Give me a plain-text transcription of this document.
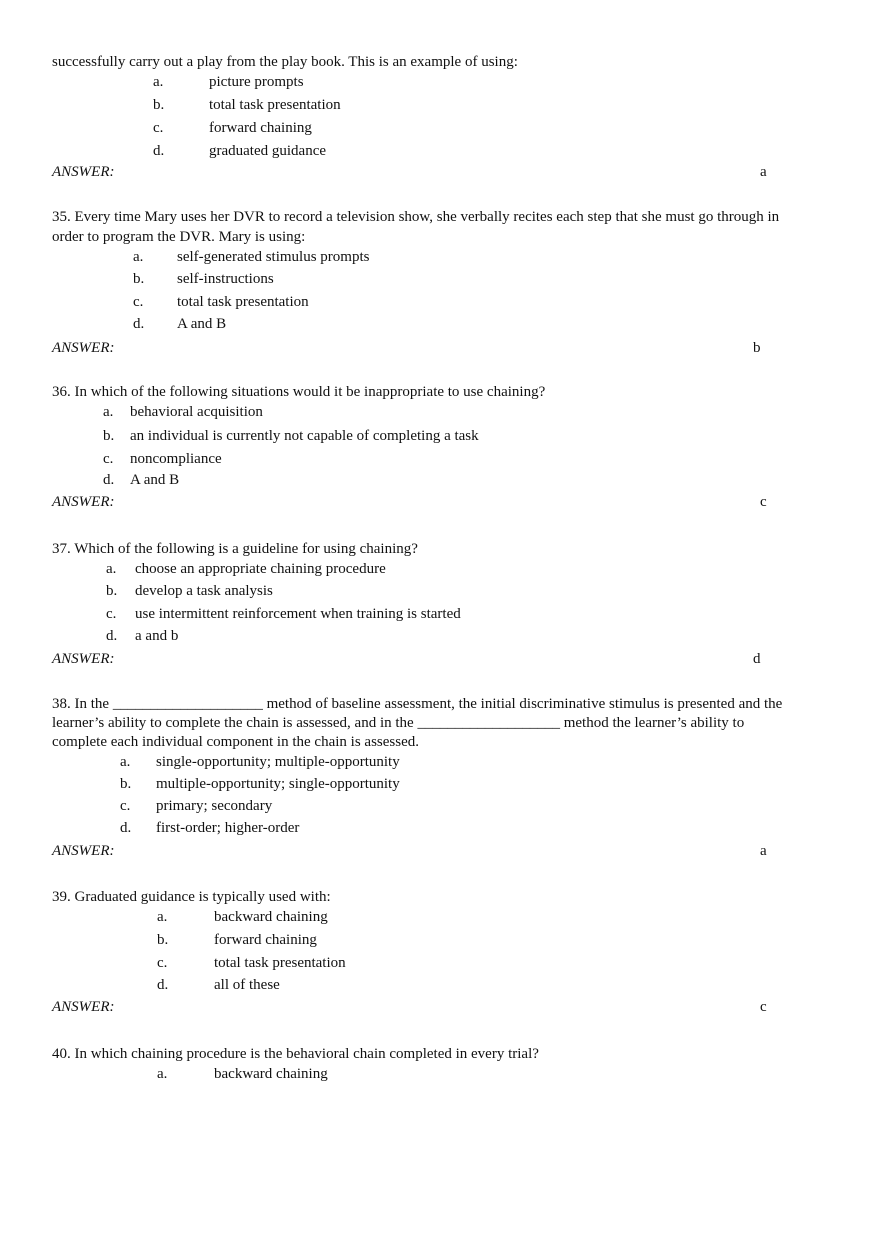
successfully carry out a play from the play book. This is an example of using:
a.	picture prompts
b.	total task presentation
c.	forward chaining
d.	graduated guidance
ANSWER:	a
35. Every time Mary uses her DVR to record a television show, she verbally recites each step that she must go through in
order to program the DVR. Mary is using:
a. self-generated stimulus prompts
b. self-instructions
c. total task presentation
d. A and B
ANSWER:	b
36. In which of the following situations would it be inappropriate to use chaining?
a. behavioral acquisition
b. an individual is currently not capable of completing a task
c. noncompliance
d. A and B
ANSWER:	c
37. Which of the following is a guideline for using chaining?
a. choose an appropriate chaining procedure
b. develop a task analysis
c. use intermittent reinforcement when training is started
d. a and b
ANSWER:	d
38. In the ____________________ method of baseline assessment, the initial discriminative stimulus is presented and the
learner’s ability to complete the chain is assessed, and in the ___________________ method the learner’s ability to
complete each individual component in the chain is assessed.
a. single-opportunity; multiple-opportunity
b. multiple-opportunity; single-opportunity
c. primary; secondary
d. first-order; higher-order
ANSWER:	a
39. Graduated guidance is typically used with:
a.	backward chaining
b.	forward chaining
c.	total task presentation
d.	all of these
ANSWER:	c
40. In which chaining procedure is the behavioral chain completed in every trial?
a.	backward chaining
